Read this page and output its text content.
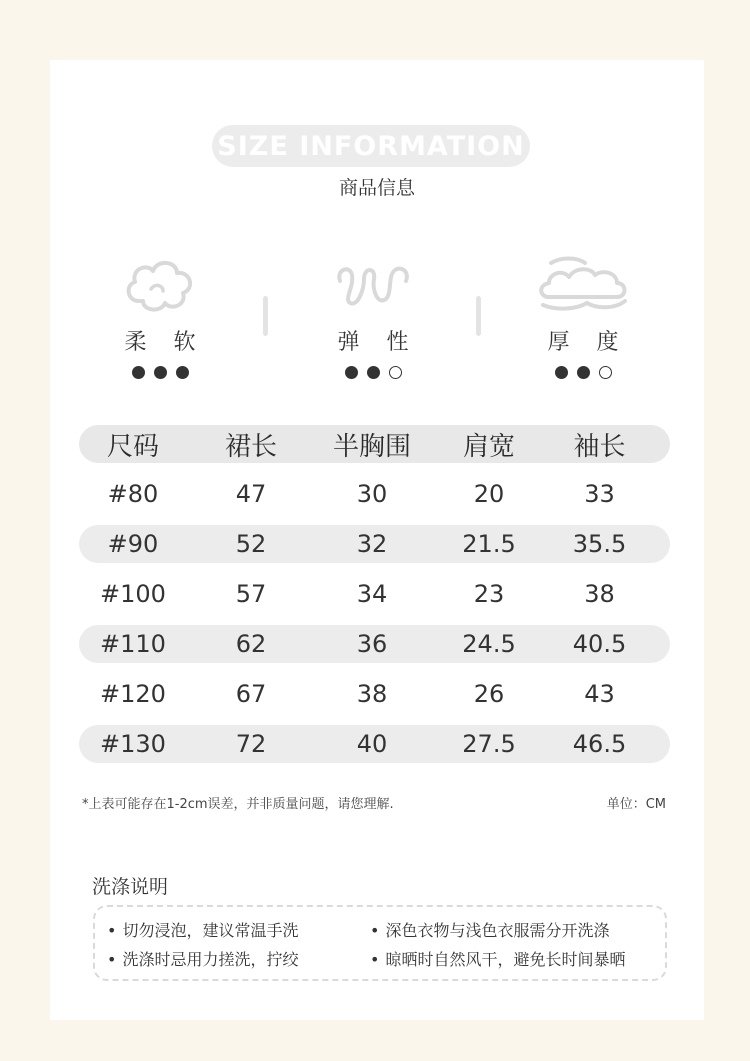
SIZE INFORMATION
商品信息
柔 软	弹 性	厚 度
尺码	裙长	半胸围	肩宽	袖长
#80	47	30	20	33
#90	52	32	21.5	35.5
#100	57	34	23	38
#110	62	36	24.5	40.5
#120	67	38	26	43
#130	72	40	27.5	46.5
*上表可能存在1-2cm误差，并非质量问题，请您理解.	单位：CM
洗涤说明
• 切勿浸泡，建议常温手洗	• 深色衣物与浅色衣服需分开洗涤
• 洗涤时忌用力搓洗，拧绞	• 晾晒时自然风干，避免长时间暴晒
